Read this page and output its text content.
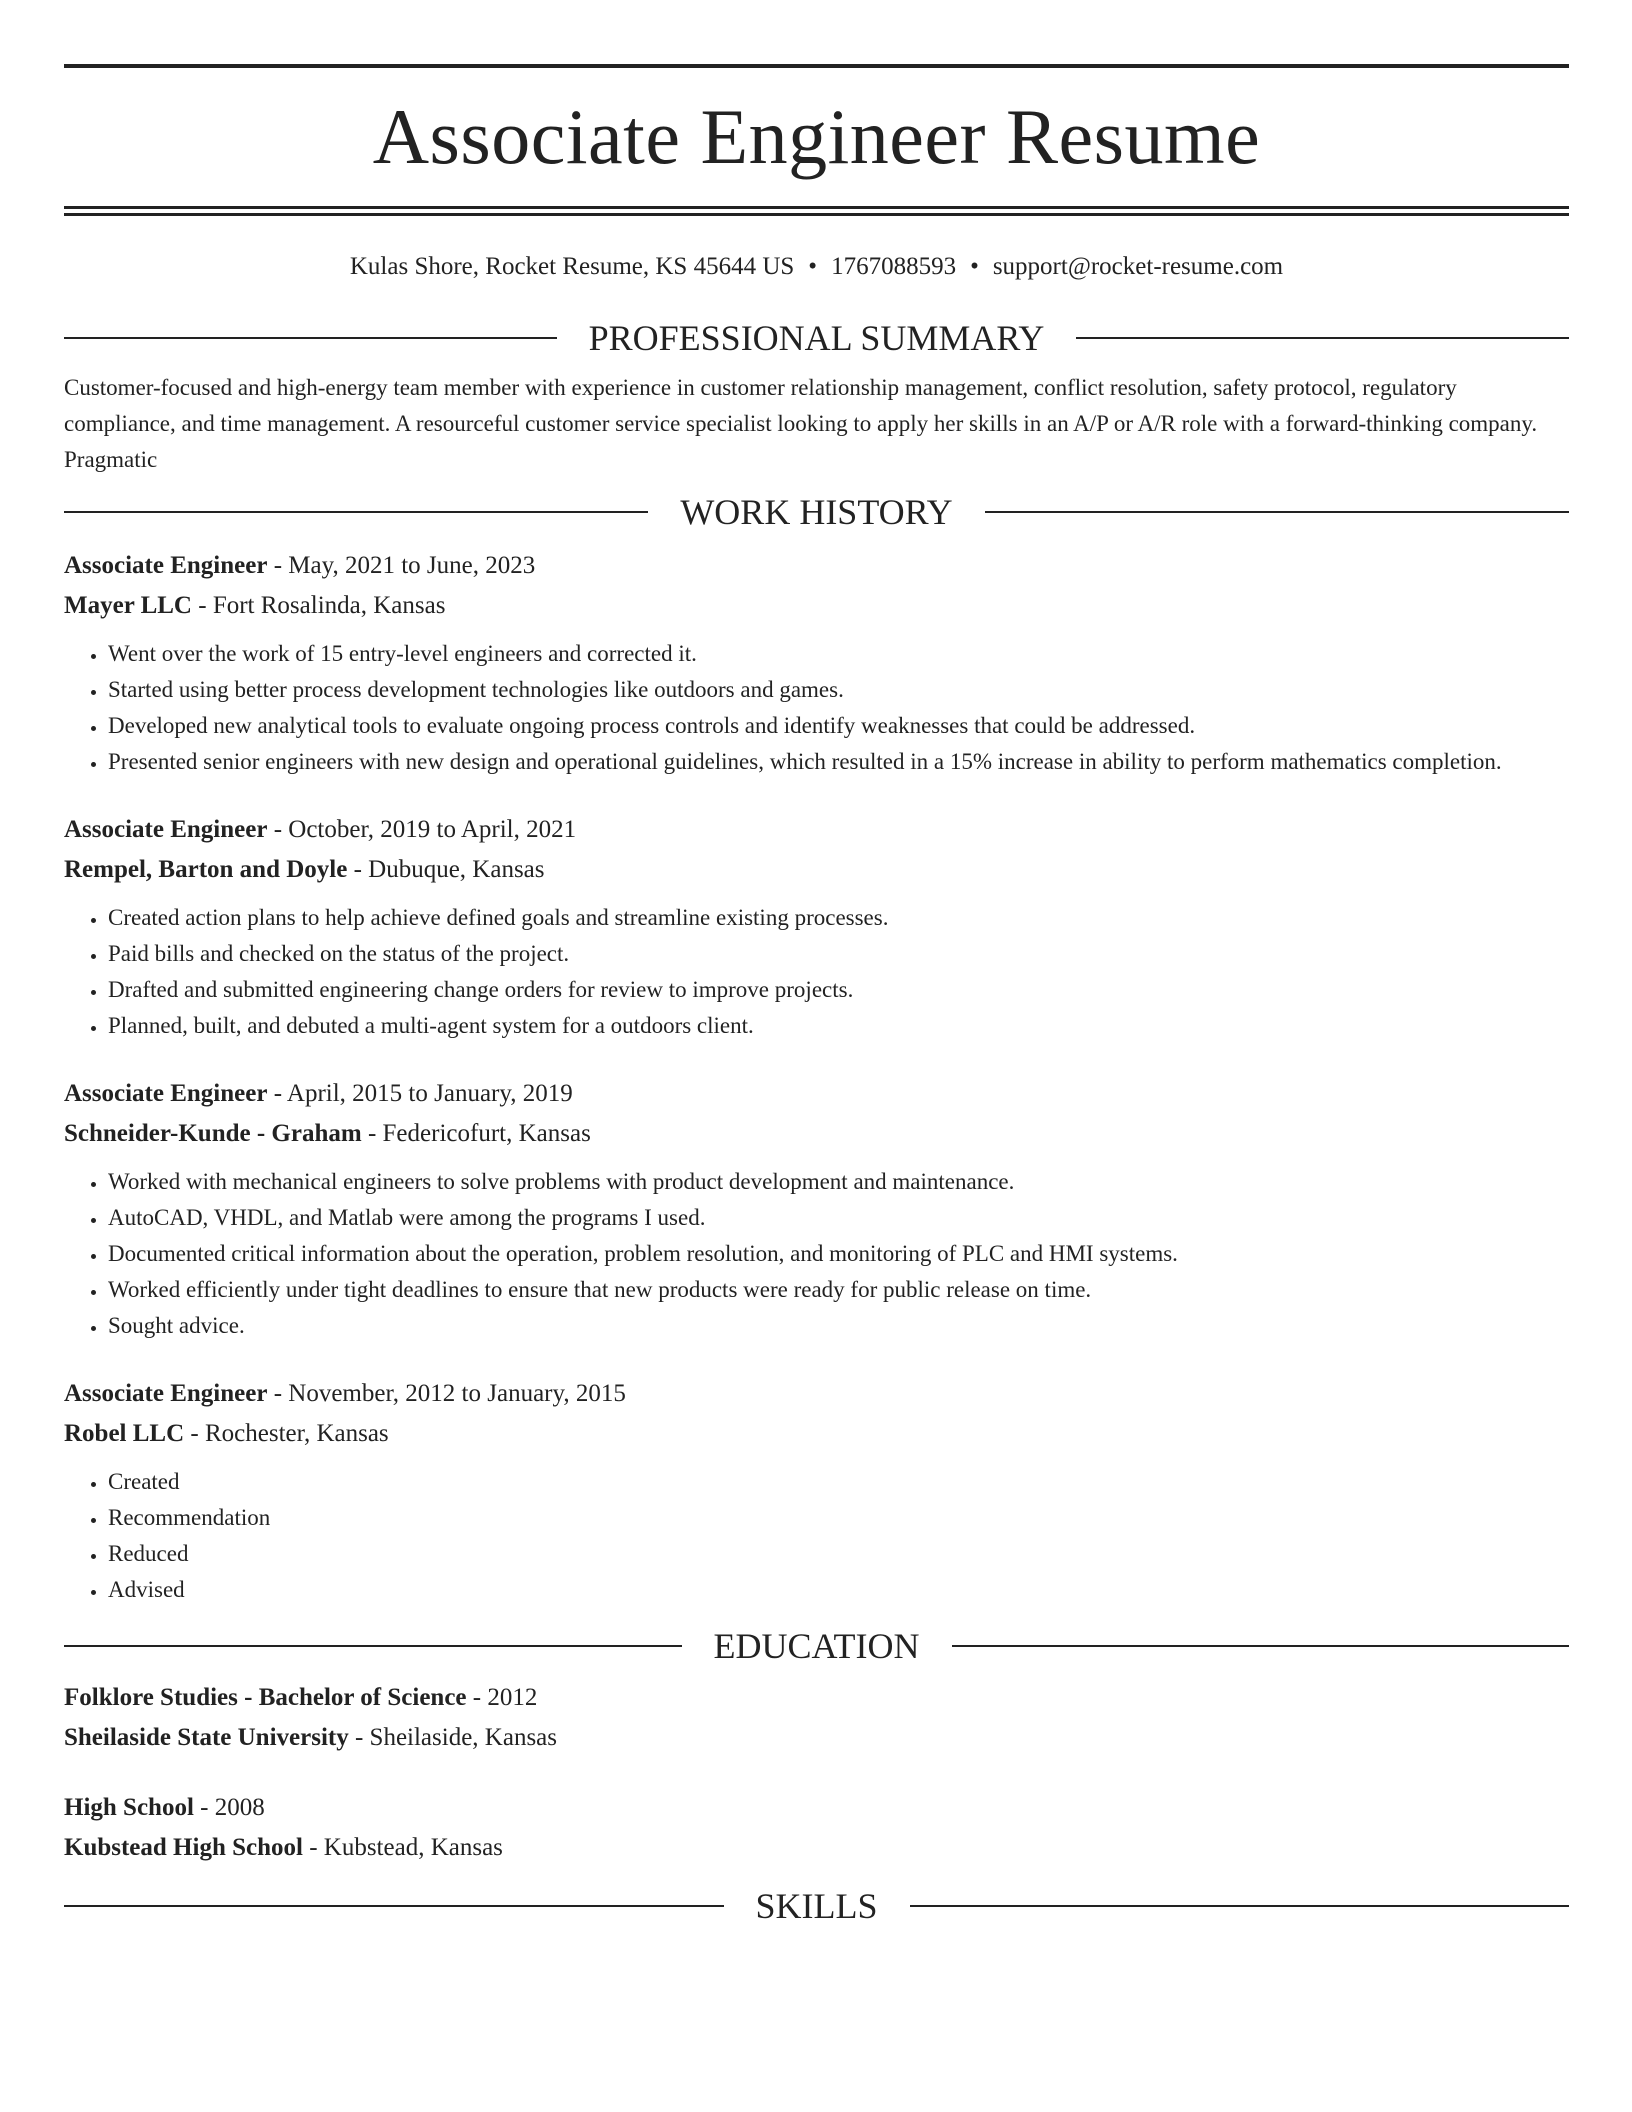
Associate Engineer Resume
Kulas Shore, Rocket Resume, KS 45644 US • 1767088593 • support@rocket-resume.com
PROFESSIONAL SUMMARY
Customer-focused and high-energy team member with experience in customer relationship management, conflict resolution, safety protocol, regulatory compliance, and time management. A resourceful customer service specialist looking to apply her skills in an A/P or A/R role with a forward-thinking company. Pragmatic
WORK HISTORY
Associate Engineer - May, 2021 to June, 2023
Mayer LLC - Fort Rosalinda, Kansas
• Went over the work of 15 entry-level engineers and corrected it.
• Started using better process development technologies like outdoors and games.
• Developed new analytical tools to evaluate ongoing process controls and identify weaknesses that could be addressed.
• Presented senior engineers with new design and operational guidelines, which resulted in a 15% increase in ability to perform mathematics completion.
Associate Engineer - October, 2019 to April, 2021
Rempel, Barton and Doyle - Dubuque, Kansas
• Created action plans to help achieve defined goals and streamline existing processes.
• Paid bills and checked on the status of the project.
• Drafted and submitted engineering change orders for review to improve projects.
• Planned, built, and debuted a multi-agent system for a outdoors client.
Associate Engineer - April, 2015 to January, 2019
Schneider-Kunde - Graham - Federicofurt, Kansas
• Worked with mechanical engineers to solve problems with product development and maintenance.
• AutoCAD, VHDL, and Matlab were among the programs I used.
• Documented critical information about the operation, problem resolution, and monitoring of PLC and HMI systems.
• Worked efficiently under tight deadlines to ensure that new products were ready for public release on time.
• Sought advice.
Associate Engineer - November, 2012 to January, 2015
Robel LLC - Rochester, Kansas
• Created
• Recommendation
• Reduced
• Advised
EDUCATION
Folklore Studies - Bachelor of Science - 2012
Sheilaside State University - Sheilaside, Kansas
High School - 2008
Kubstead High School - Kubstead, Kansas
SKILLS
